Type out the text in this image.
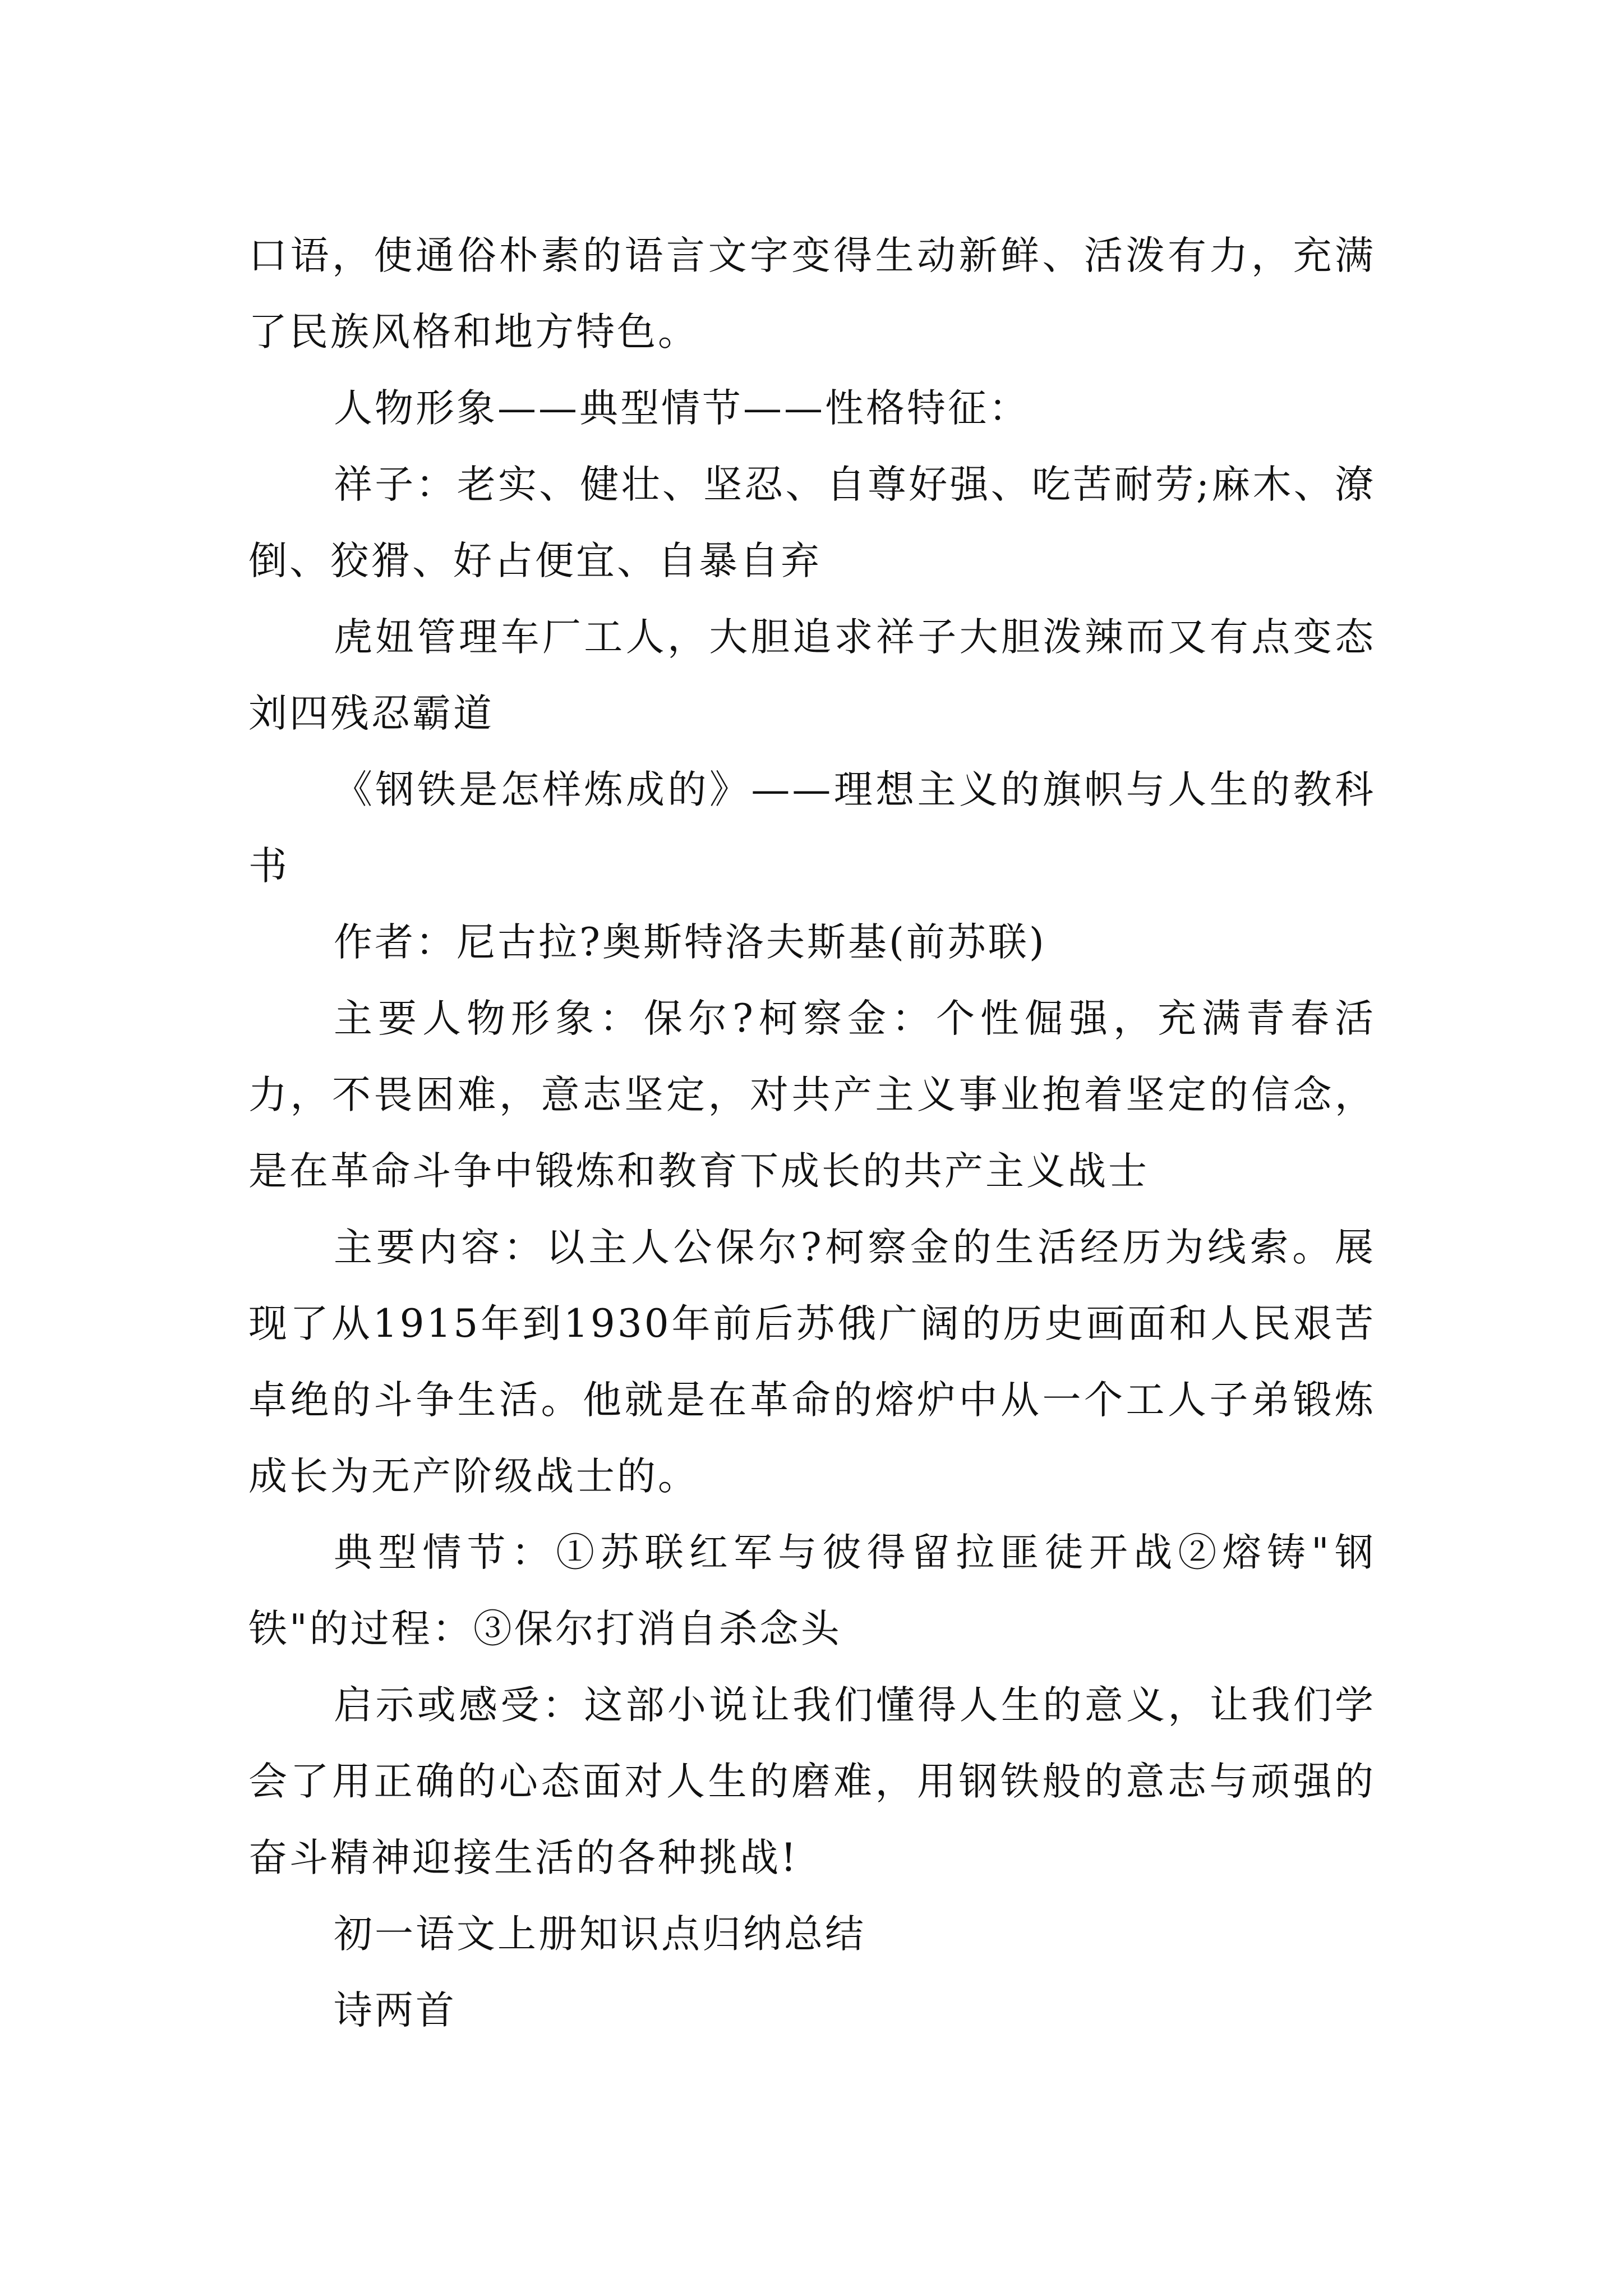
口语，使通俗朴素的语言文字变得生动新鲜、活泼有力，充满了民族风格和地方特色。

人物形象——典型情节——性格特征：

祥子：老实、健壮、坚忍、自尊好强、吃苦耐劳;麻木、潦倒、狡猾、好占便宜、自暴自弃

虎妞管理车厂工人，大胆追求祥子大胆泼辣而又有点变态刘四残忍霸道

《钢铁是怎样炼成的》——理想主义的旗帜与人生的教科书

作者：尼古拉?奥斯特洛夫斯基(前苏联)

主要人物形象：保尔?柯察金：个性倔强，充满青春活力，不畏困难，意志坚定，对共产主义事业抱着坚定的信念，是在革命斗争中锻炼和教育下成长的共产主义战士

主要内容：以主人公保尔?柯察金的生活经历为线索。展现了从1915年到1930年前后苏俄广阔的历史画面和人民艰苦卓绝的斗争生活。他就是在革命的熔炉中从一个工人子弟锻炼成长为无产阶级战士的。

典型情节：①苏联红军与彼得留拉匪徒开战②熔铸"钢铁"的过程：③保尔打消自杀念头

启示或感受：这部小说让我们懂得人生的意义，让我们学会了用正确的心态面对人生的磨难，用钢铁般的意志与顽强的奋斗精神迎接生活的各种挑战!

初一语文上册知识点归纳总结

诗两首
